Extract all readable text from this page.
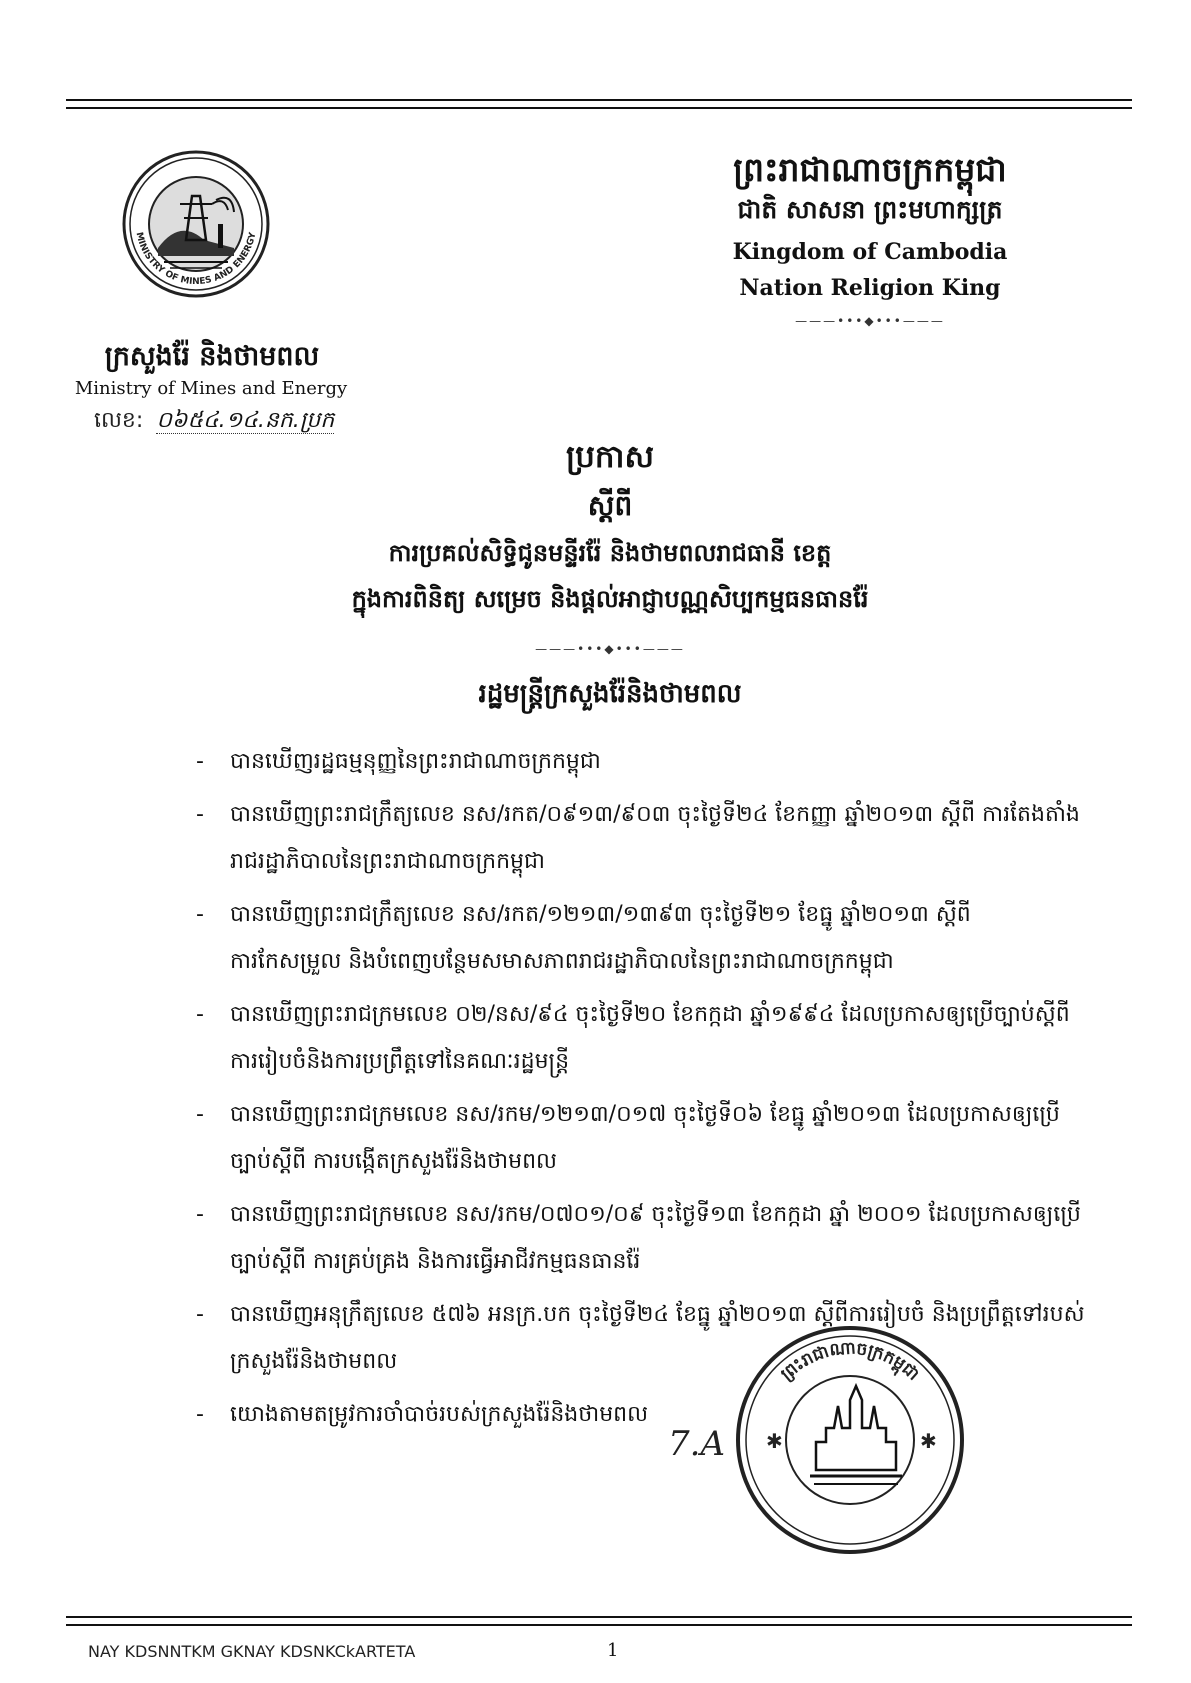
MINISTRY OF MINES AND ENERGY
ក្រសួងរ៉ែ និងថាមពល
Ministry of Mines and Energy
លេខ: ០៦៥៤.១៤.នក.ប្រក
ព្រះរាជាណាចក្រកម្ពុជា
ជាតិ សាសនា ព្រះមហាក្សត្រ
Kingdom of Cambodia
Nation Religion King
———•••◆•••———
ប្រកាស
ស្តីពី
ការប្រគល់សិទ្ធិជូនមន្ទីររ៉ែ និងថាមពលរាជធានី ខេត្ត
ក្នុងការពិនិត្យ សម្រេច និងផ្តល់អាជ្ញាបណ្ណសិប្បកម្មធនធានរ៉ែ
———•••◆•••———
រដ្ឋមន្ត្រីក្រសួងរ៉ែនិងថាមពល
- បានឃើញរដ្ឋធម្មនុញ្ញនៃព្រះរាជាណាចក្រកម្ពុជា
- បានឃើញព្រះរាជក្រឹត្យលេខ នស/រកត/០៩១៣/៩០៣ ចុះថ្ងៃទី២៤ ខែកញ្ញា ឆ្នាំ២០១៣ ស្តីពី ការតែងតាំងរាជរដ្ឋាភិបាលនៃព្រះរាជាណាចក្រកម្ពុជា
- បានឃើញព្រះរាជក្រឹត្យលេខ នស/រកត/១២១៣/១៣៩៣ ចុះថ្ងៃទី២១ ខែធ្នូ ឆ្នាំ២០១៣ ស្តីពី ការកែសម្រួល និងបំពេញបន្ថែមសមាសភាពរាជរដ្ឋាភិបាលនៃព្រះរាជាណាចក្រកម្ពុជា
- បានឃើញព្រះរាជក្រមលេខ ០២/នស/៩៤ ចុះថ្ងៃទី២០ ខែកក្កដា ឆ្នាំ១៩៩៤ ដែលប្រកាសឲ្យប្រើច្បាប់ស្តីពី ការរៀបចំនិងការប្រព្រឹត្តទៅនៃគណៈរដ្ឋមន្ត្រី
- បានឃើញព្រះរាជក្រមលេខ នស/រកម/១២១៣/០១៧ ចុះថ្ងៃទី០៦ ខែធ្នូ ឆ្នាំ២០១៣ ដែលប្រកាសឲ្យប្រើច្បាប់ស្តីពី ការបង្កើតក្រសួងរ៉ែនិងថាមពល
- បានឃើញព្រះរាជក្រមលេខ នស/រកម/០៧០១/០៩ ចុះថ្ងៃទី១៣ ខែកក្កដា ឆ្នាំ ២០០១ ដែលប្រកាសឲ្យប្រើច្បាប់ស្តីពី ការគ្រប់គ្រង និងការធ្វើអាជីវកម្មធនធានរ៉ែ
- បានឃើញអនុក្រឹត្យលេខ ៥៧៦ អនក្រ.បក ចុះថ្ងៃទី២៤ ខែធ្នូ ឆ្នាំ២០១៣ ស្តីពីការរៀបចំ និងប្រព្រឹត្តទៅរបស់ក្រសួងរ៉ែនិងថាមពល
- យោងតាមតម្រូវការចាំបាច់របស់ក្រសួងរ៉ែនិងថាមពល
✱	✱
ព្រះរាជាណាចក្រកម្ពុជា
7.A
NAY KDSNNTKM GKNAY KDSNKCkARTETA	1
